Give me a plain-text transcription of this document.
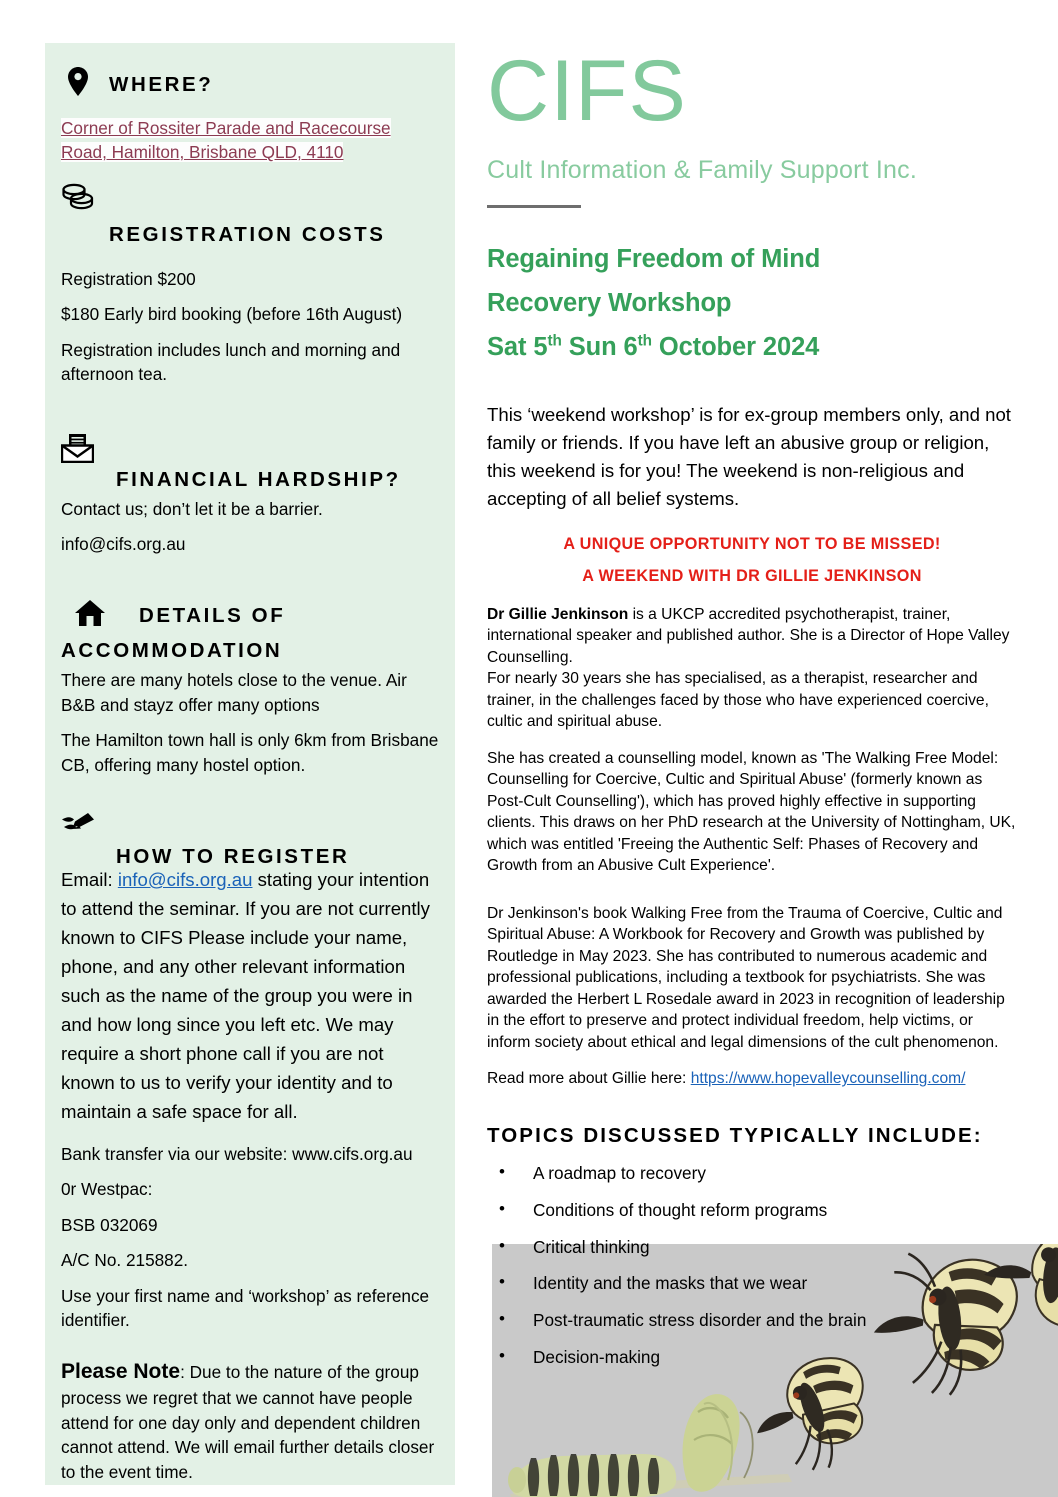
WHERE?
Corner of Rossiter Parade and Racecourse Road, Hamilton, Brisbane QLD, 4110
REGISTRATION COSTS

Registration $200

$180 Early bird booking (before 16th August)

Registration includes lunch and morning and afternoon tea.

FINANCIAL HARDSHIP?

Contact us; don’t let it be a barrier.

info@cifs.org.au

DETAILS OF
ACCOMMODATION

There are many hotels close to the venue. Air B&B and stayz offer many options

The Hamilton town hall is only 6km from Brisbane CB, offering many hostel option.

HOW TO REGISTER

Email: info@cifs.org.au stating your intention to attend the seminar. If you are not currently known to CIFS Please include your name, phone, and any other relevant information such as the name of the group you were in and how long since you left etc. We may require a short phone call if you are not known to us to verify your identity and to maintain a safe space for all.

Bank transfer via our website: www.cifs.org.au

0r Westpac:

BSB 032069

A/C No. 215882.

Use your first name and ‘workshop’ as reference identifier.

Please Note: Due to the nature of the group process we regret that we cannot have people attend for one day only and dependent children cannot attend. We will email further details closer to the event time.

CIFS
Cult Information & Family Support Inc.
Regaining Freedom of Mind
Recovery Workshop
Sat 5th Sun 6th October 2024

This ‘weekend workshop’ is for ex-group members only, and not family or friends. If you have left an abusive group or religion, this weekend is for you! The weekend is non-religious and accepting of all belief systems.

A UNIQUE OPPORTUNITY NOT TO BE MISSED!
A WEEKEND WITH DR GILLIE JENKINSON

Dr Gillie Jenkinson is a UKCP accredited psychotherapist, trainer, international speaker and published author. She is a Director of Hope Valley Counselling.

For nearly 30 years she has specialised, as a therapist, researcher and trainer, in the challenges faced by those who have experienced coercive, cultic and spiritual abuse.

She has created a counselling model, known as 'The Walking Free Model: Counselling for Coercive, Cultic and Spiritual Abuse' (formerly known as Post-Cult Counselling'), which has proved highly effective in supporting clients. This draws on her PhD research at the University of Nottingham, UK, which was entitled 'Freeing the Authentic Self: Phases of Recovery and Growth from an Abusive Cult Experience'.

Dr Jenkinson's book Walking Free from the Trauma of Coercive, Cultic and Spiritual Abuse: A Workbook for Recovery and Growth was published by Routledge in May 2023. She has contributed to numerous academic and professional publications, including a textbook for psychiatrists. She was awarded the Herbert L Rosedale award in 2023 in recognition of leadership in the effort to preserve and protect individual freedom, help victims, or inform society about ethical and legal dimensions of the cult phenomenon.

Read more about Gillie here: https://www.hopevalleycounselling.com/

TOPICS DISCUSSED TYPICALLY INCLUDE:
• A roadmap to recovery
• Conditions of thought reform programs
• Critical thinking
• Identity and the masks that we wear
• Post-traumatic stress disorder and the brain
• Decision-making
